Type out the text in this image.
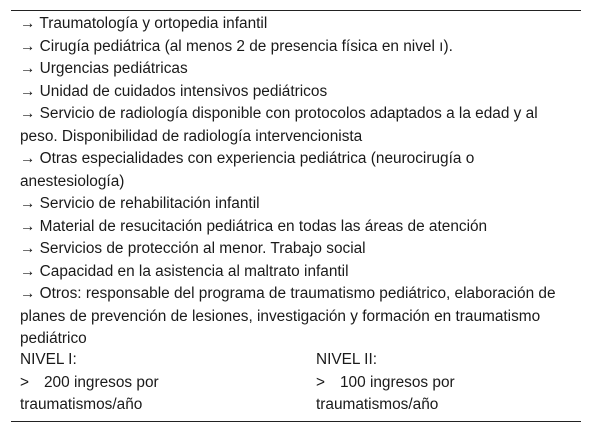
→ Traumatología y ortopedia infantil

→ Cirugía pediátrica (al menos 2 de presencia física en nivel ı).

→ Urgencias pediátricas

→ Unidad de cuidados intensivos pediátricos

→ Servicio de radiología disponible con protocolos adaptados a la edad y al peso. Disponibilidad de radiología intervencionista

→ Otras especialidades con experiencia pediátrica (neurocirugía o anestesiología)

→ Servicio de rehabilitación infantil

→ Material de resucitación pediátrica en todas las áreas de atención

→ Servicios de protección al menor. Trabajo social

→ Capacidad en la asistencia al maltrato infantil

→ Otros: responsable del programa de traumatismo pediátrico, elaboración de planes de prevención de lesiones, investigación y formación en traumatismo pediátrico

NIVEL I:
> 200 ingresos por
traumatismos/año
NIVEL II:
> 100 ingresos por
traumatismos/año
